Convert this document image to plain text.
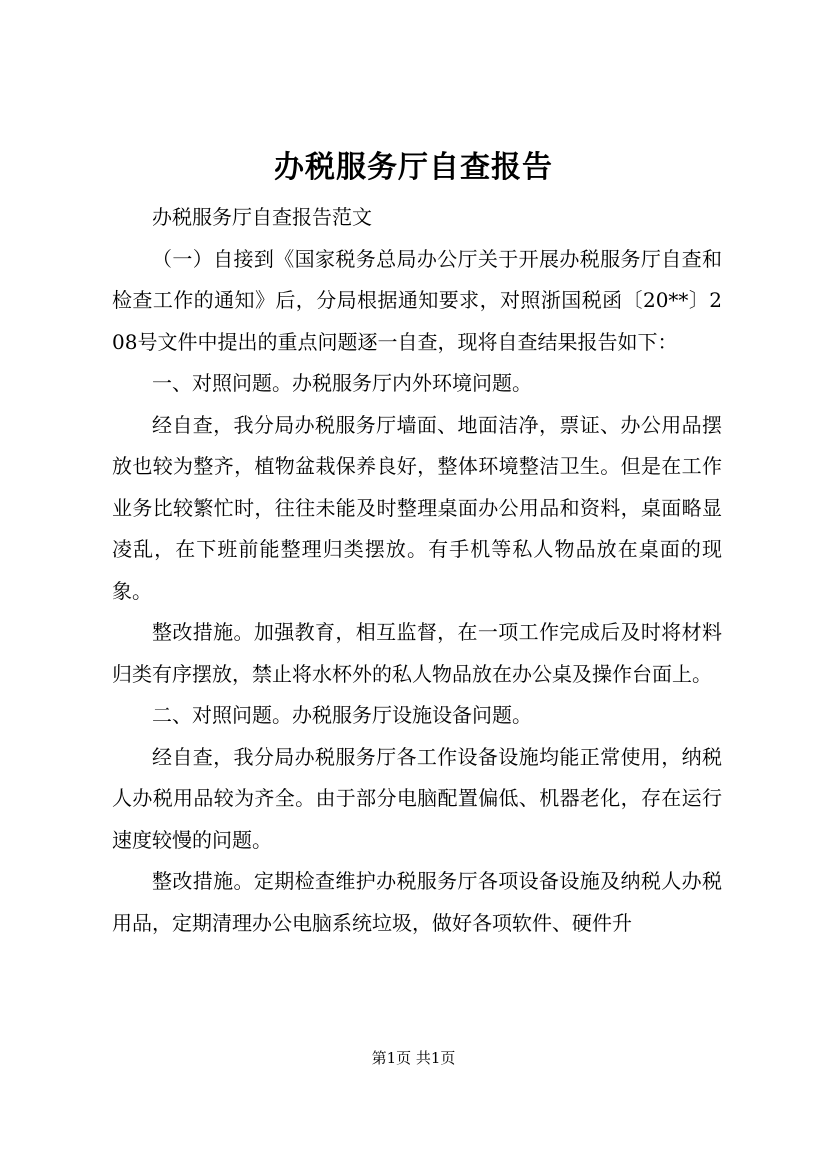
办税服务厅自查报告

办税服务厅自查报告范文

（一）自接到《国家税务总局办公厅关于开展办税服务厅自查和检查工作的通知》后，分局根据通知要求，对照浙国税函〔20**〕208号文件中提出的重点问题逐一自查，现将自查结果报告如下：

一、对照问题。办税服务厅内外环境问题。

经自查，我分局办税服务厅墙面、地面洁净，票证、办公用品摆放也较为整齐，植物盆栽保养良好，整体环境整洁卫生。但是在工作业务比较繁忙时，往往未能及时整理桌面办公用品和资料，桌面略显凌乱，在下班前能整理归类摆放。有手机等私人物品放在桌面的现象。

整改措施。加强教育，相互监督，在一项工作完成后及时将材料归类有序摆放，禁止将水杯外的私人物品放在办公桌及操作台面上。

二、对照问题。办税服务厅设施设备问题。

经自查，我分局办税服务厅各工作设备设施均能正常使用，纳税人办税用品较为齐全。由于部分电脑配置偏低、机器老化，存在运行速度较慢的问题。

整改措施。定期检查维护办税服务厅各项设备设施及纳税人办税用品，定期清理办公电脑系统垃圾，做好各项软件、硬件升

第1页 共1页
